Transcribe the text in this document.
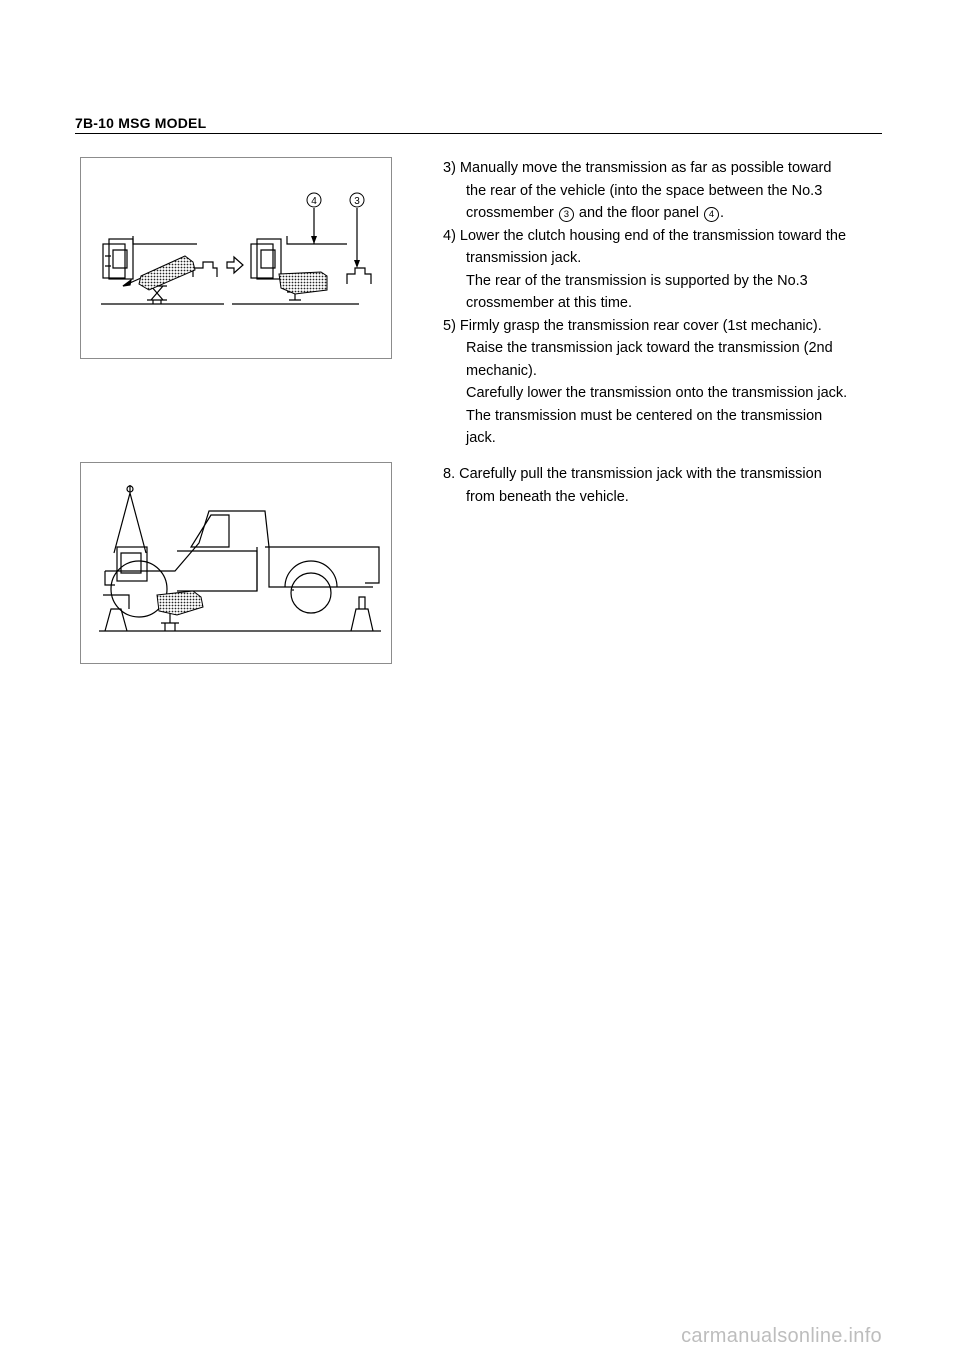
7B-10 MSG MODEL
4	3

3) Manually move the transmission as far as possible toward

the rear of the vehicle (into the space between the No.3

crossmember 3 and the floor panel 4 .

4) Lower the clutch housing end of the transmission toward the

transmission jack.

The rear of the transmission is supported by the No.3

crossmember at this time.

5) Firmly grasp the transmission rear cover (1st mechanic).

Raise the transmission jack toward the transmission (2nd

mechanic).

Carefully lower the transmission onto the transmission jack.

The transmission must be centered on the transmission

jack.

8. Carefully pull the transmission jack with the transmission

from beneath the vehicle.

carmanualsonline.info
